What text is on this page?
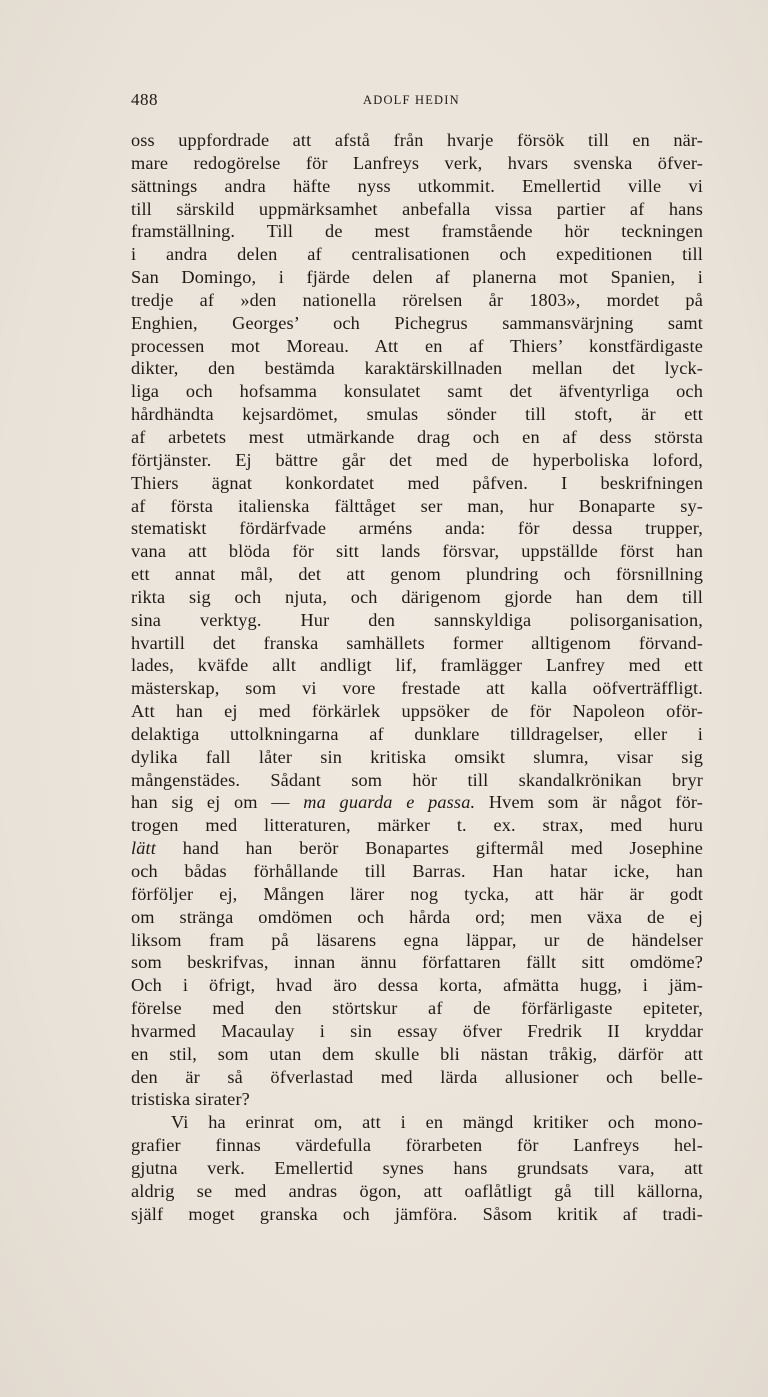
488	ADOLF HEDIN
oss uppfordrade att afstå från hvarje försök till en när-
mare redogörelse för Lanfreys verk, hvars svenska öfver-
sättnings andra häfte nyss utkommit. Emellertid ville vi
till särskild uppmärksamhet anbefalla vissa partier af hans
framställning. Till de mest framstående hör teckningen
i andra delen af centralisationen och expeditionen till
San Domingo, i fjärde delen af planerna mot Spanien, i
tredje af »den nationella rörelsen år 1803», mordet på
Enghien, Georges’ och Pichegrus sammansvärjning samt
processen mot Moreau. Att en af Thiers’ konstfärdigaste
dikter, den bestämda karaktärskillnaden mellan det lyck-
liga och hofsamma konsulatet samt det äfventyrliga och
hårdhändta kejsardömet, smulas sönder till stoft, är ett
af arbetets mest utmärkande drag och en af dess största
förtjänster. Ej bättre går det med de hyperboliska loford,
Thiers ägnat konkordatet med påfven. I beskrifningen
af första italienska fälttåget ser man, hur Bonaparte sy-
stematiskt fördärfvade arméns anda: för dessa trupper,
vana att blöda för sitt lands försvar, uppställde först han
ett annat mål, det att genom plundring och försnillning
rikta sig och njuta, och därigenom gjorde han dem till
sina verktyg. Hur den sannskyldiga polisorganisation,
hvartill det franska samhällets former alltigenom förvand-
lades, kväfde allt andligt lif, framlägger Lanfrey med ett
mästerskap, som vi vore frestade att kalla oöfverträffligt.
Att han ej med förkärlek uppsöker de för Napoleon oför-
delaktiga uttolkningarna af dunklare tilldragelser, eller i
dylika fall låter sin kritiska omsikt slumra, visar sig
mångenstädes. Sådant som hör till skandalkrönikan bryr
han sig ej om — ma guarda e passa. Hvem som är något för-
trogen med litteraturen, märker t. ex. strax, med huru
lätt hand han berör Bonapartes giftermål med Josephine
och bådas förhållande till Barras. Han hatar icke, han
förföljer ej, Mången lärer nog tycka, att här är godt
om stränga omdömen och hårda ord; men växa de ej
liksom fram på läsarens egna läppar, ur de händelser
som beskrifvas, innan ännu författaren fällt sitt omdöme?
Och i öfrigt, hvad äro dessa korta, afmätta hugg, i jäm-
förelse med den störtskur af de förfärligaste epiteter,
hvarmed Macaulay i sin essay öfver Fredrik II kryddar
en stil, som utan dem skulle bli nästan tråkig, därför att
den är så öfverlastad med lärda allusioner och belle-
tristiska sirater?
Vi ha erinrat om, att i en mängd kritiker och mono-
grafier finnas värdefulla förarbeten för Lanfreys hel-
gjutna verk. Emellertid synes hans grundsats vara, att
aldrig se med andras ögon, att oaflåtligt gå till källorna,
själf moget granska och jämföra. Såsom kritik af tradi-
